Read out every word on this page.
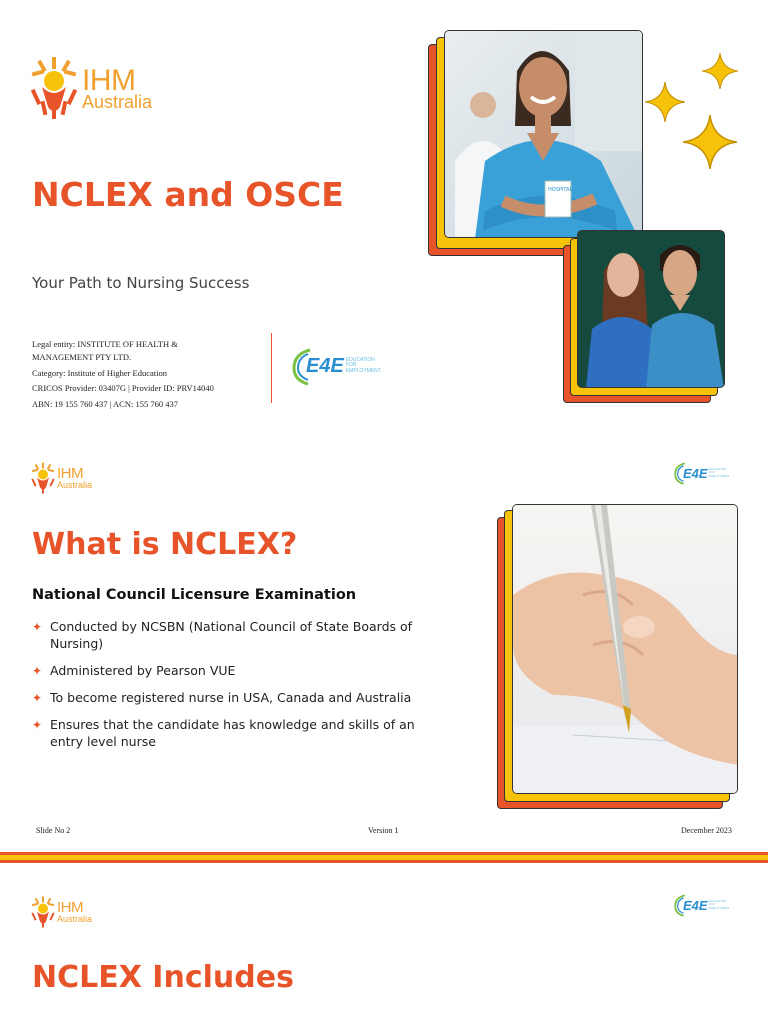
IHM
Australia
NCLEX and OSCE
Your Path to Nursing Success

Legal entity: INSTITUTE OF HEALTH & MANAGEMENT PTY LTD.

Category: Institute of Higher Education

CRICOS Provider: 03407G | Provider ID: PRV14040

ABN: 19 155 760 437 | ACN: 155 760 437

E4E EDUCATION
FOR
EMPLOYMENT
HOSPITAL
IHM
Australia
E4E EDUCATION
FOR
EMPLOYMENT
What is NCLEX?
National Council Licensure Examination
✦ Conducted by NCSBN (National Council of State Boards of Nursing)
✦ Administered by Pearson VUE
✦ To become registered nurse in USA, Canada and Australia
✦ Ensures that the candidate has knowledge and skills of an entry level nurse
Slide No 2	Version 1	December 2023
IHM
Australia
E4E EDUCATION
FOR
EMPLOYMENT
NCLEX Includes
